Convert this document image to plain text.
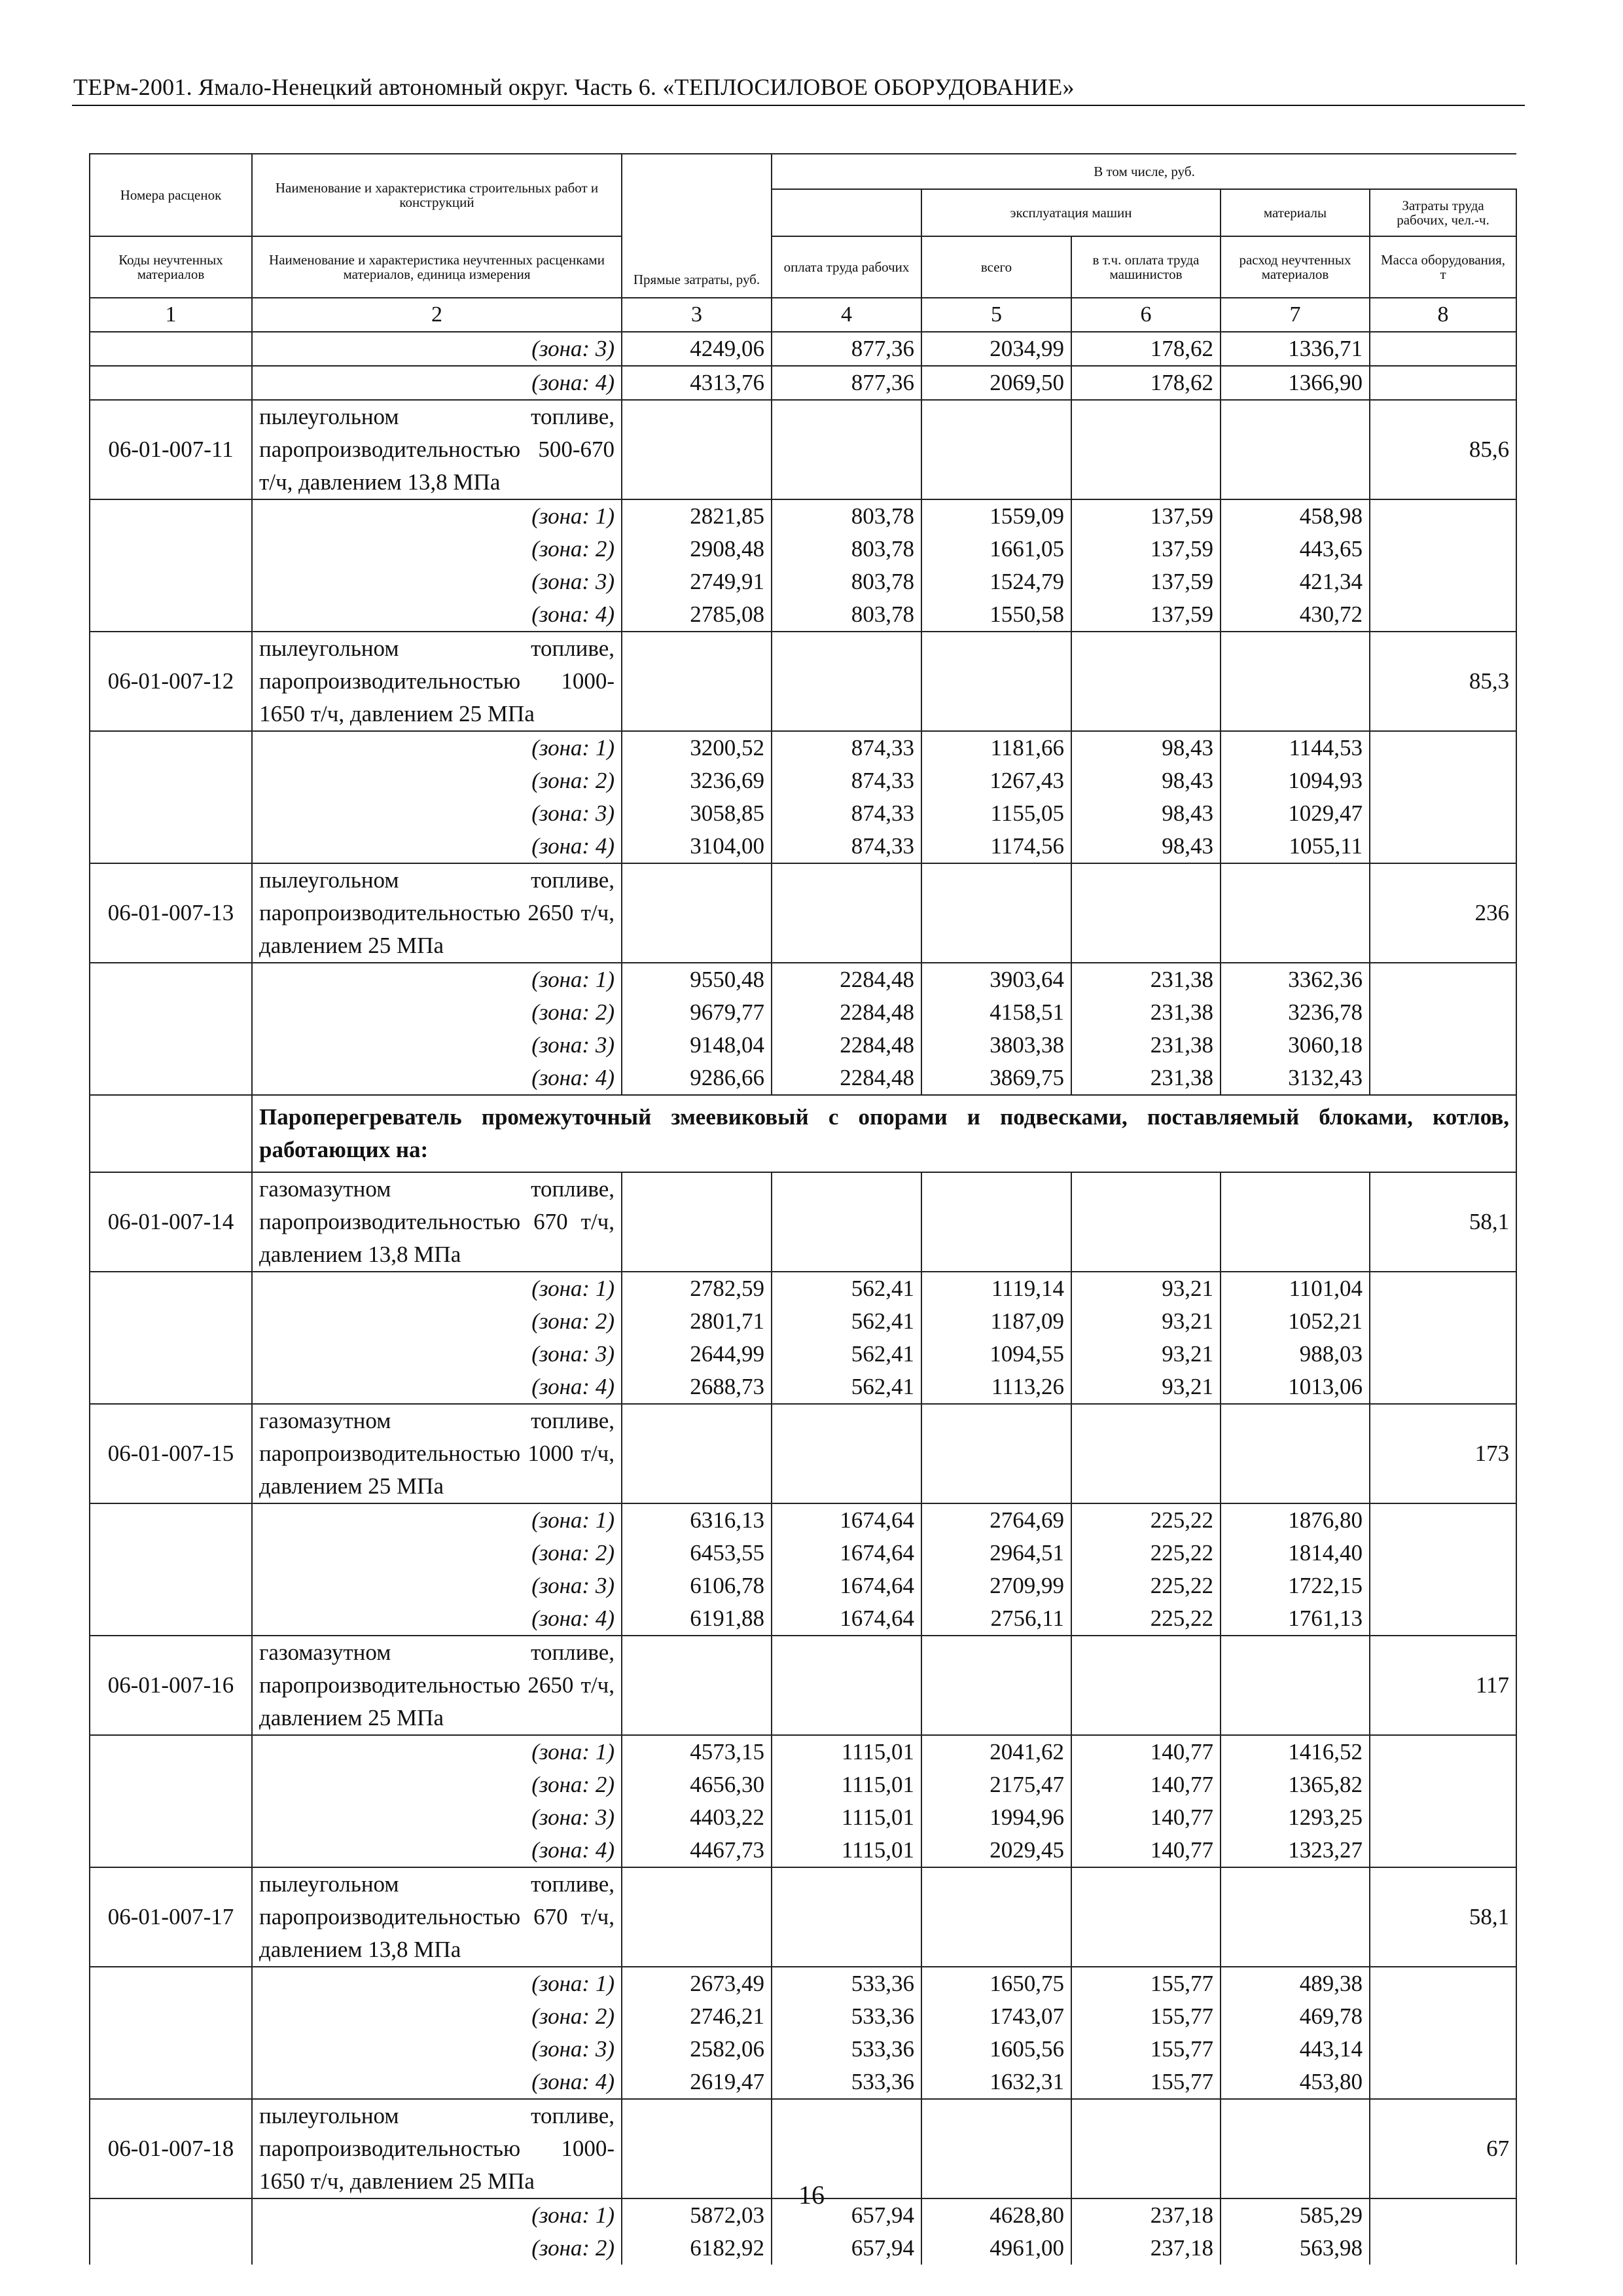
ТЕРм-2001. Ямало-Ненецкий автономный округ. Часть 6. «ТЕПЛОСИЛОВОЕ ОБОРУДОВАНИЕ»
Номера расценок	Наименование и характеристика строительных работ и конструкций	Прямые затраты, руб.	В том числе, руб.				
				эксплуатация машин		материалы	Затраты труда рабочих, чел.-ч.
Коды неучтенных материалов	Наименование и характеристика неучтенных расценками материалов, единица измерения		оплата труда рабочих	всего	в т.ч. оплата труда машинистов	расход неучтенных материалов	Масса оборудования, т
1	2	3	4	5	6	7	8
	(зона: 3)	4249,06	877,36	2034,99	178,62	1336,71	
	(зона: 4)	4313,76	877,36	2069,50	178,62	1366,90	
06-01-007-11	пылеугольном топливе, паропроизводительностью 500-670 т/ч, давлением 13,8 МПа						85,6
	(зона: 1)	2821,85	803,78	1559,09	137,59	458,98	
	(зона: 2)	2908,48	803,78	1661,05	137,59	443,65	
	(зона: 3)	2749,91	803,78	1524,79	137,59	421,34	
	(зона: 4)	2785,08	803,78	1550,58	137,59	430,72	
06-01-007-12	пылеугольном топливе, паропроизводительностью 1000-1650 т/ч, давлением 25 МПа						85,3
	(зона: 1)	3200,52	874,33	1181,66	98,43	1144,53	
	(зона: 2)	3236,69	874,33	1267,43	98,43	1094,93	
	(зона: 3)	3058,85	874,33	1155,05	98,43	1029,47	
	(зона: 4)	3104,00	874,33	1174,56	98,43	1055,11	
06-01-007-13	пылеугольном топливе, паропроизводительностью 2650 т/ч, давлением 25 МПа						236
	(зона: 1)	9550,48	2284,48	3903,64	231,38	3362,36	
	(зона: 2)	9679,77	2284,48	4158,51	231,38	3236,78	
	(зона: 3)	9148,04	2284,48	3803,38	231,38	3060,18	
	(зона: 4)	9286,66	2284,48	3869,75	231,38	3132,43	
	Пароперегреватель промежуточный змеевиковый с опорами и подвесками, поставляемый блоками, котлов, работающих на:						
06-01-007-14	газомазутном топливе, паропроизводительностью 670 т/ч, давлением 13,8 МПа						58,1
	(зона: 1)	2782,59	562,41	1119,14	93,21	1101,04	
	(зона: 2)	2801,71	562,41	1187,09	93,21	1052,21	
	(зона: 3)	2644,99	562,41	1094,55	93,21	988,03	
	(зона: 4)	2688,73	562,41	1113,26	93,21	1013,06	
06-01-007-15	газомазутном топливе, паропроизводительностью 1000 т/ч, давлением 25 МПа						173
	(зона: 1)	6316,13	1674,64	2764,69	225,22	1876,80	
	(зона: 2)	6453,55	1674,64	2964,51	225,22	1814,40	
	(зона: 3)	6106,78	1674,64	2709,99	225,22	1722,15	
	(зона: 4)	6191,88	1674,64	2756,11	225,22	1761,13	
06-01-007-16	газомазутном топливе, паропроизводительностью 2650 т/ч, давлением 25 МПа						117
	(зона: 1)	4573,15	1115,01	2041,62	140,77	1416,52	
	(зона: 2)	4656,30	1115,01	2175,47	140,77	1365,82	
	(зона: 3)	4403,22	1115,01	1994,96	140,77	1293,25	
	(зона: 4)	4467,73	1115,01	2029,45	140,77	1323,27	
06-01-007-17	пылеугольном топливе, паропроизводительностью 670 т/ч, давлением 13,8 МПа						58,1
	(зона: 1)	2673,49	533,36	1650,75	155,77	489,38	
	(зона: 2)	2746,21	533,36	1743,07	155,77	469,78	
	(зона: 3)	2582,06	533,36	1605,56	155,77	443,14	
	(зона: 4)	2619,47	533,36	1632,31	155,77	453,80	
06-01-007-18	пылеугольном топливе, паропроизводительностью 1000-1650 т/ч, давлением 25 МПа						67
	(зона: 1)	5872,03	657,94	4628,80	237,18	585,29	
	(зона: 2)	6182,92	657,94	4961,00	237,18	563,98	
16
